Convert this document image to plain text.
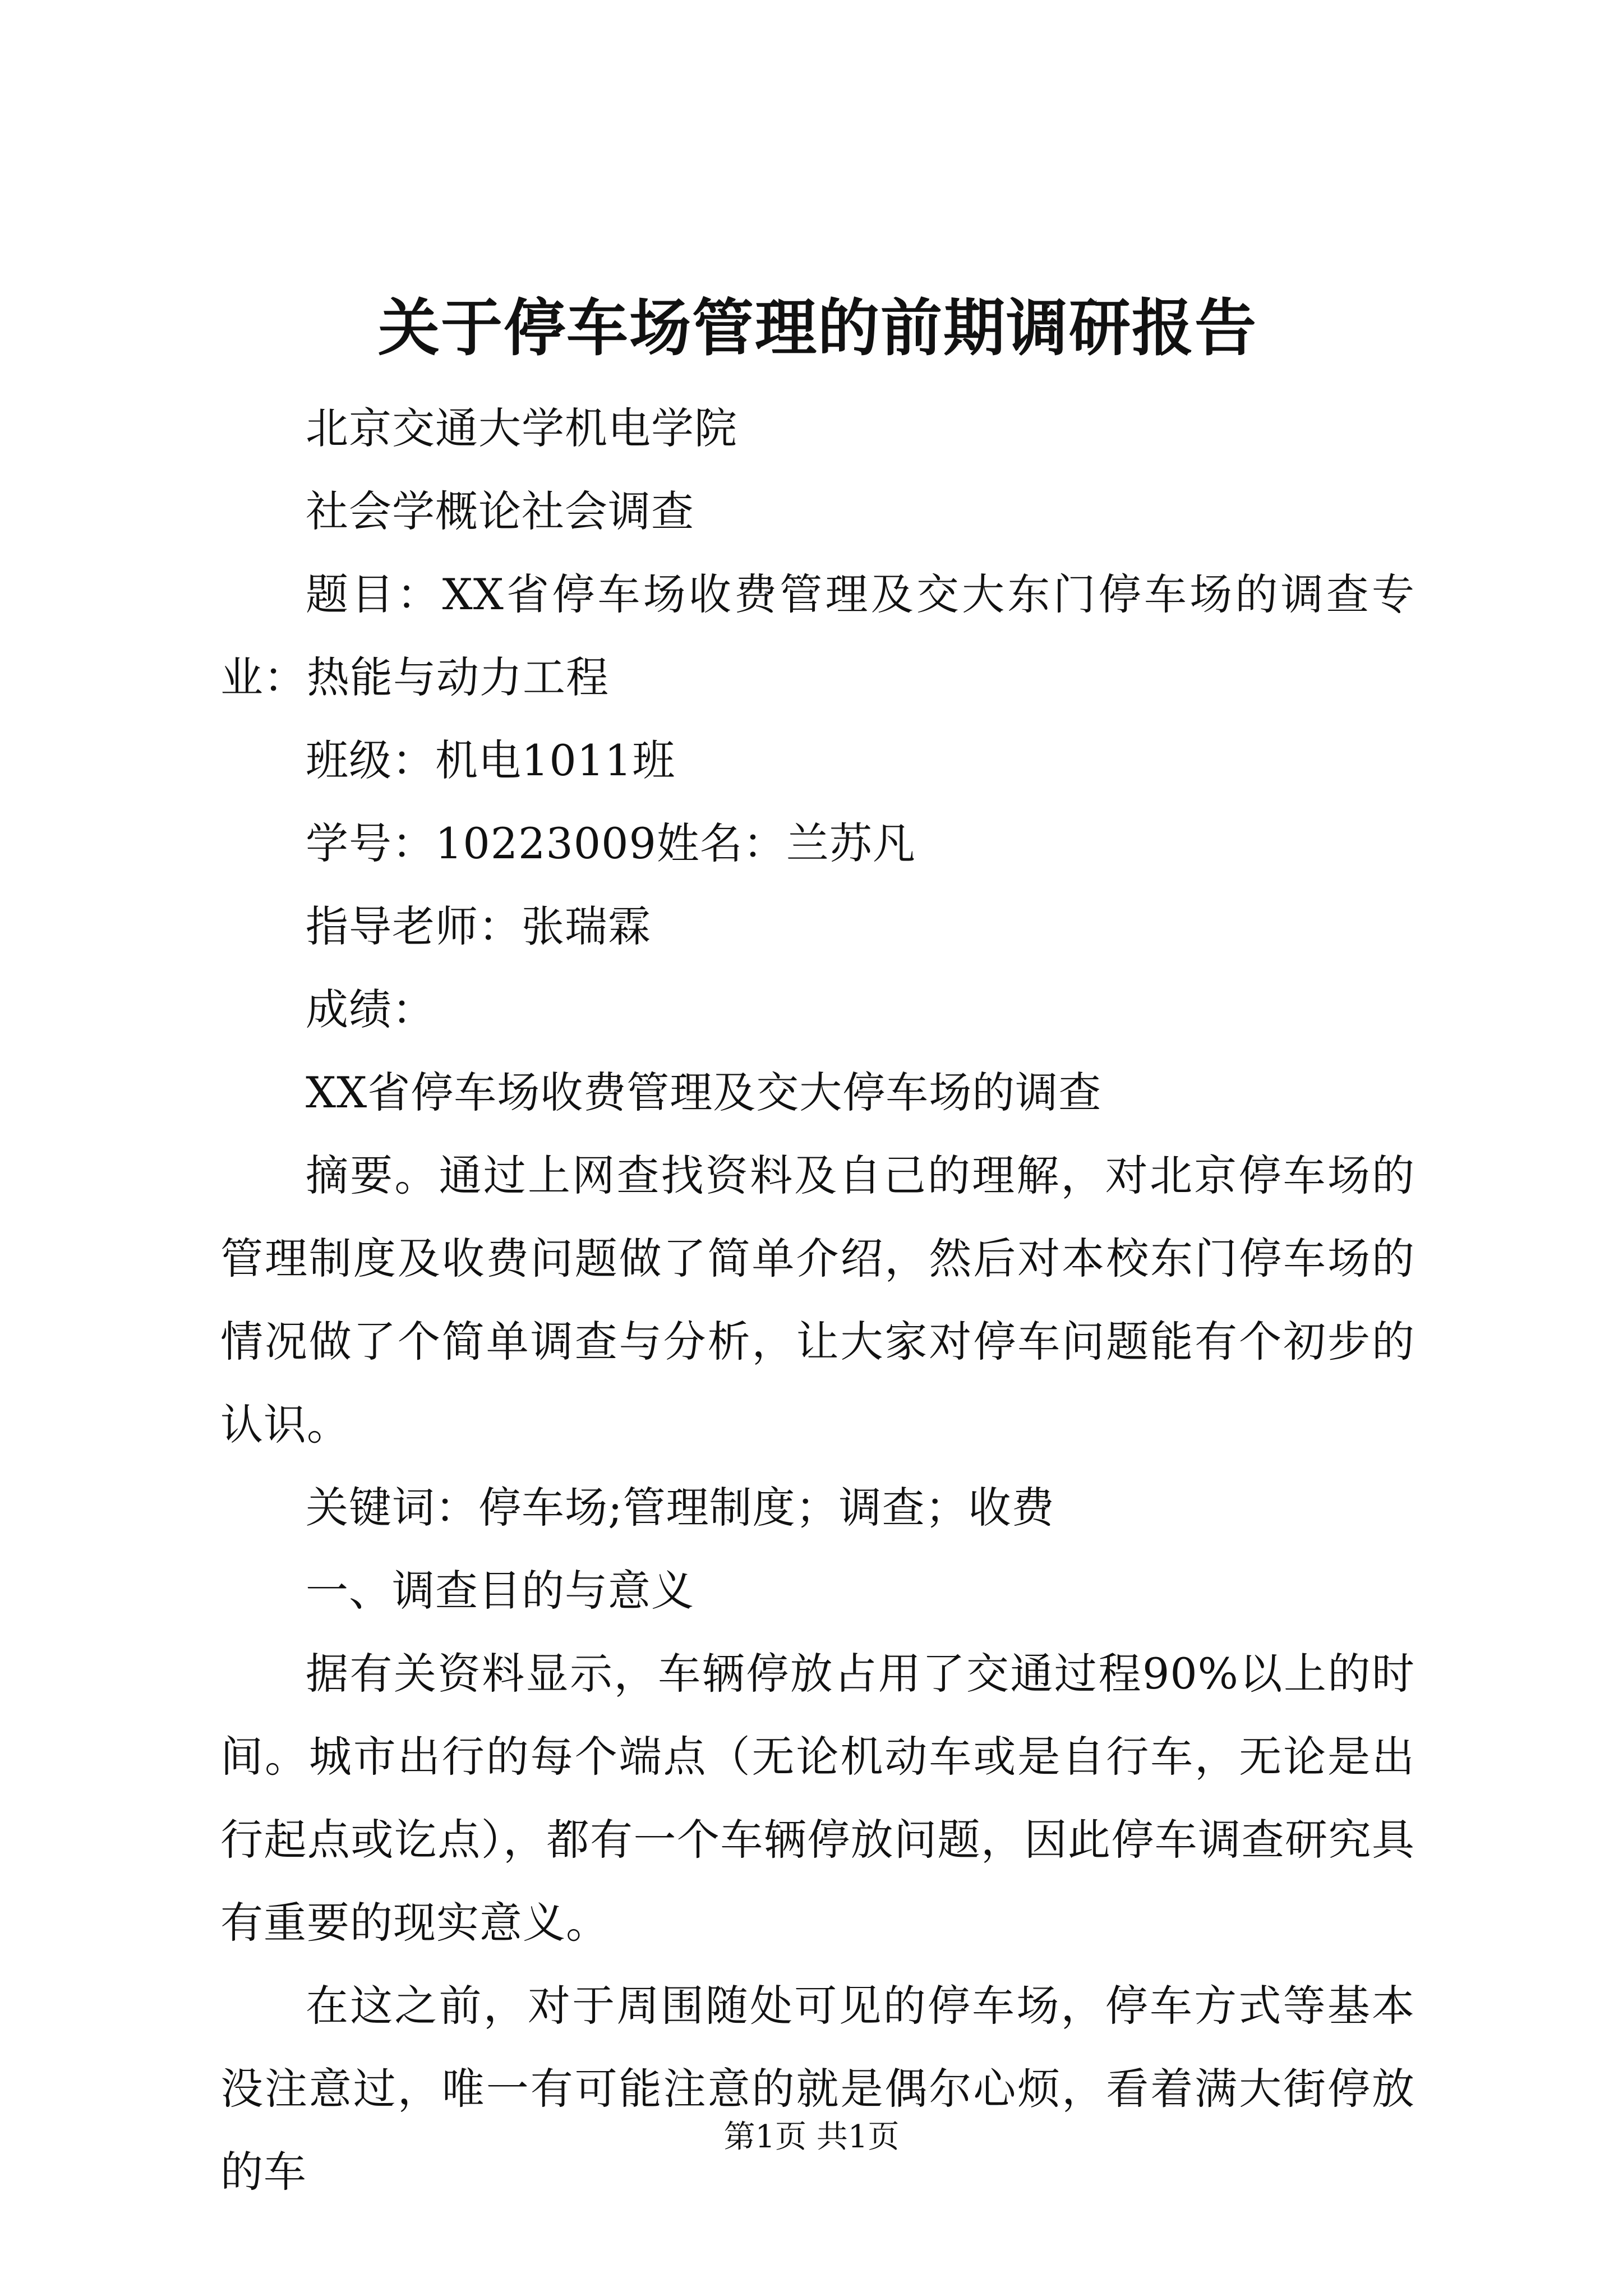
关于停车场管理的前期调研报告

北京交通大学机电学院

社会学概论社会调查

题目：XX省停车场收费管理及交大东门停车场的调查专业：热能与动力工程

班级：机电1011班

学号：10223009姓名：兰苏凡

指导老师：张瑞霖

成绩：

XX省停车场收费管理及交大停车场的调查

摘要。通过上网查找资料及自己的理解，对北京停车场的管理制度及收费问题做了简单介绍，然后对本校东门停车场的情况做了个简单调查与分析，让大家对停车问题能有个初步的认识。

关键词：停车场;管理制度；调查；收费

一、调查目的与意义

据有关资料显示，车辆停放占用了交通过程90%以上的时间。城市出行的每个端点（无论机动车或是自行车，无论是出行起点或讫点），都有一个车辆停放问题，因此停车调查研究具有重要的现实意义。

在这之前，对于周围随处可见的停车场，停车方式等基本没注意过，唯一有可能注意的就是偶尔心烦，看着满大街停放的车

第1页 共1页
